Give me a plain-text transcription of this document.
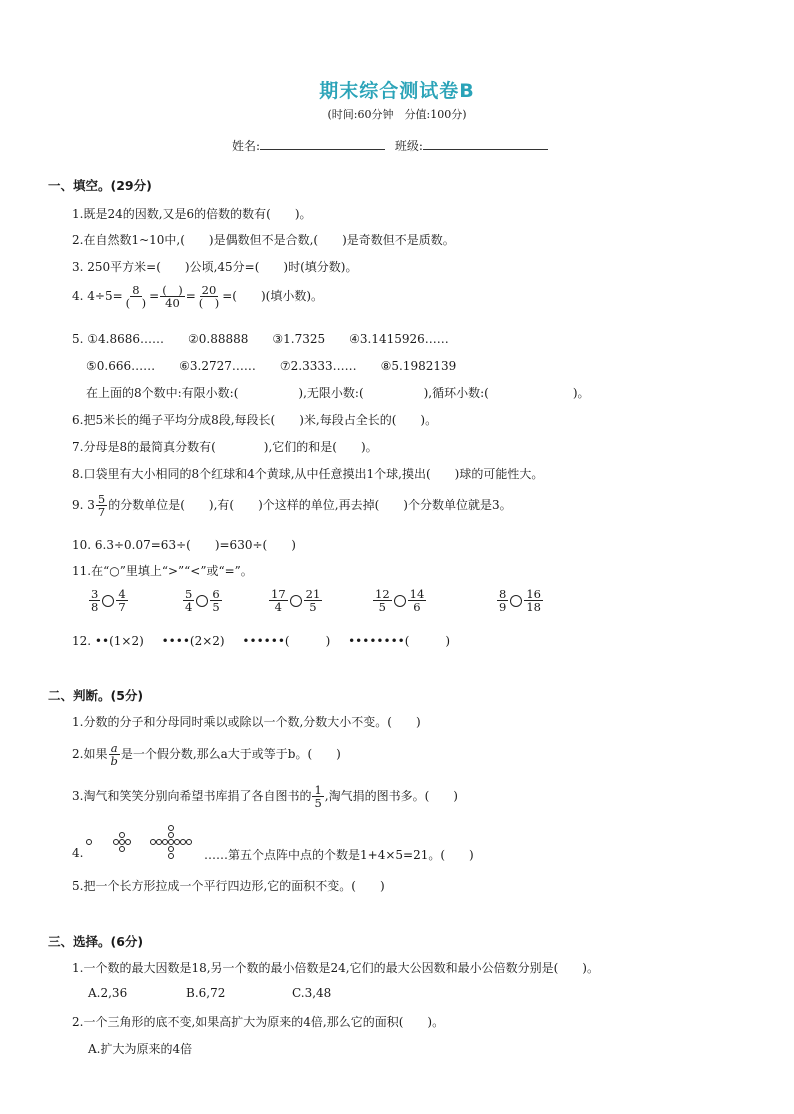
期末综合测试卷B
(时间:60分钟　分值:100分)
姓名:	班级:
一、填空。(29分)
1.既是24的因数,又是6的倍数的数有(　　)。
2.在自然数1~10中,(　　)是偶数但不是合数,(　　)是奇数但不是质数。
3. 250平方米=(　　)公顷,45分=(　　)时(填分数)。
4. $4\div 5= \frac{8}{( )} = \frac{( )}{40} = \frac{20}{( )}$ =(　　)(填小数)。
5. ①4.8686……　　②0.88888　　③1.7325　　④3.1415926……
⑤0.666……　　⑥3.2727……　　⑦2.3333……　　⑧5.1982139
在上面的8个数中:有限小数:(　　　　　),无限小数:(　　　　　),循环小数:(　　　　　　　)。
6.把5米长的绳子平均分成8段,每段长(　　)米,每段占全长的(　　)。
7.分母是8的最简真分数有(　　　　),它们的和是(　　)。
8.口袋里有大小相同的8个红球和4个黄球,从中任意摸出1个球,摸出(　　)球的可能性大。
9. $3 \frac{5}{7}$ 的分数单位是(　　),有(　　)个这样的单位,再去掉(　　)个分数单位就是3。
10. 6.3÷0.07=63÷(　　)=630÷(　　)
11.在“○”里填上“>”“<”或“=”。
$\frac{3}{8} \frac{4}{7}$	$\frac{5}{4} \frac{6}{5}$	$\frac{17}{4} \frac{21}{5}$	$\frac{12}{5} \frac{14}{6}$	$\frac{8}{9} \frac{16}{18}$
12. ••(1×2) ••••(2×2) ••••••(　　　) ••••••••(　　　)
二、判断。(5分)
1.分数的分子和分母同时乘以或除以一个数,分数大小不变。(　　)
2.如果 $\frac{a}{b}$ 是一个假分数,那么a大于或等于b。(　　)
3.淘气和笑笑分别向希望书库捐了各自图书的 $\frac{1}{5}$ ,淘气捐的图书多。(　　)
4.	……第五个点阵中点的个数是1+4×5=21。(　　)
5.把一个长方形拉成一个平行四边形,它的面积不变。(　　)
三、选择。(6分)
1.一个数的最大因数是18,另一个数的最小倍数是24,它们的最大公因数和最小公倍数分别是(　　)。
A.2,36	B.6,72	C.3,48
2.一个三角形的底不变,如果高扩大为原来的4倍,那么它的面积(　　)。
A.扩大为原来的4倍
